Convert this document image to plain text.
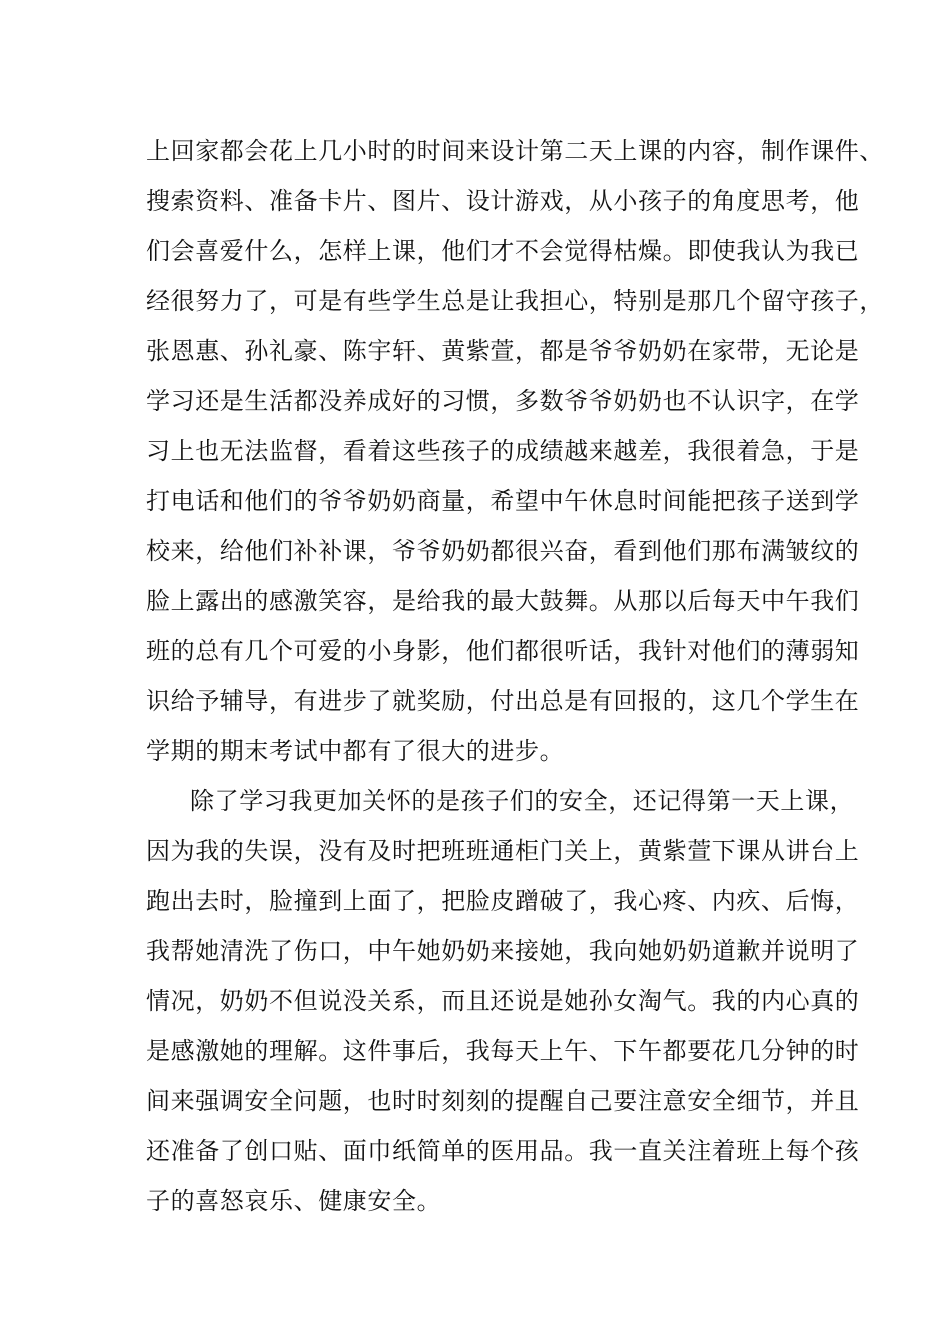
上回家都会花上几小时的时间来设计第二天上课的内容，制作课件、
搜索资料、准备卡片、图片、设计游戏，从小孩子的角度思考，他
们会喜爱什么，怎样上课，他们才不会觉得枯燥。即使我认为我已
经很努力了，可是有些学生总是让我担心，特别是那几个留守孩子，
张恩惠、孙礼豪、陈宇轩、黄紫萱，都是爷爷奶奶在家带，无论是
学习还是生活都没养成好的习惯，多数爷爷奶奶也不认识字，在学
习上也无法监督，看着这些孩子的成绩越来越差，我很着急，于是
打电话和他们的爷爷奶奶商量，希望中午休息时间能把孩子送到学
校来，给他们补补课，爷爷奶奶都很兴奋，看到他们那布满皱纹的
脸上露出的感激笑容，是给我的最大鼓舞。从那以后每天中午我们
班的总有几个可爱的小身影，他们都很听话，我针对他们的薄弱知
识给予辅导，有进步了就奖励，付出总是有回报的，这几个学生在
学期的期末考试中都有了很大的进步。
除了学习我更加关怀的是孩子们的安全，还记得第一天上课，
因为我的失误，没有及时把班班通柜门关上，黄紫萱下课从讲台上
跑出去时，脸撞到上面了，把脸皮蹭破了，我心疼、内疚、后悔，
我帮她清洗了伤口，中午她奶奶来接她，我向她奶奶道歉并说明了
情况，奶奶不但说没关系，而且还说是她孙女淘气。我的内心真的
是感激她的理解。这件事后，我每天上午、下午都要花几分钟的时
间来强调安全问题，也时时刻刻的提醒自己要注意安全细节，并且
还准备了创口贴、面巾纸简单的医用品。我一直关注着班上每个孩
子的喜怒哀乐、健康安全。
